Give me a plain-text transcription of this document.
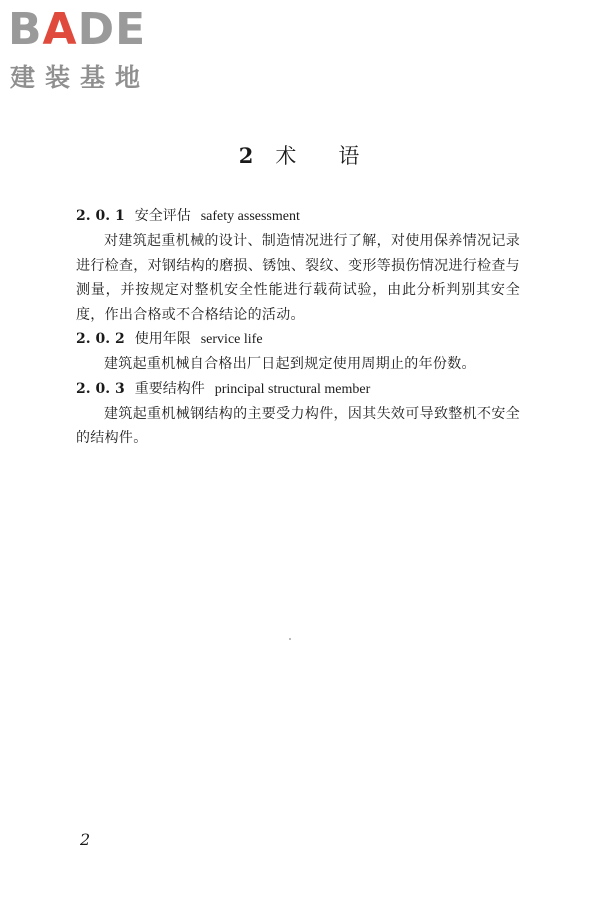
BADE
建装基地
2 术 语
2. 0. 1 安全评估 safety assessment

对建筑起重机械的设计、制造情况进行了解，对使用保养情况记录进行检查，对钢结构的磨损、锈蚀、裂纹、变形等损伤情况进行检查与测量，并按规定对整机安全性能进行载荷试验，由此分析判别其安全度，作出合格或不合格结论的活动。

2. 0. 2 使用年限 service life

建筑起重机械自合格出厂日起到规定使用周期止的年份数。

2. 0. 3 重要结构件 principal structural member

建筑起重机械钢结构的主要受力构件，因其失效可导致整机不安全的结构件。

2
